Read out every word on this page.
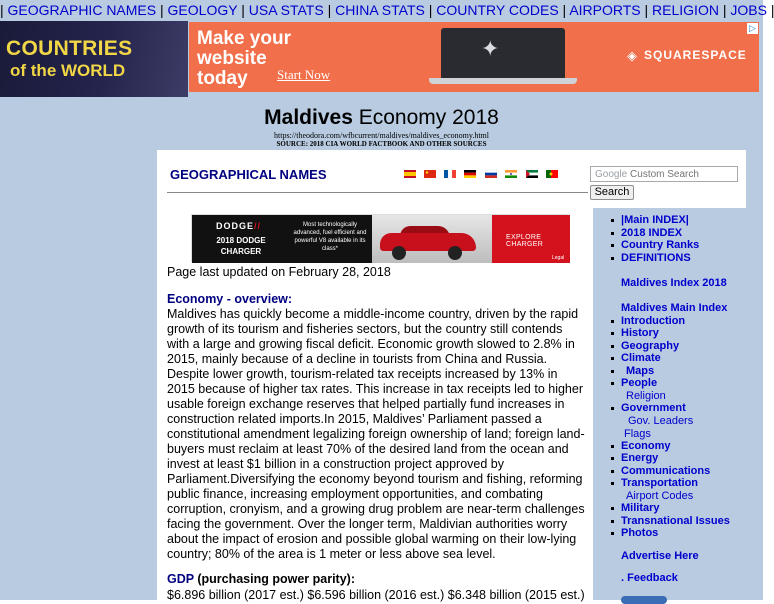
| GEOGRAPHIC NAMES | GEOLOGY | USA STATS | CHINA STATS | COUNTRY CODES | AIRPORTS | RELIGION | JOBS |
COUNTRIES
of the WORLD
Make your website today	Start Now
✦	◈ SQUARESPACE
▷
Maldives Economy 2018
https://theodora.com/wfbcurrent/maldives/maldives_economy.html
SOURCE: 2018 CIA WORLD FACTBOOK AND OTHER SOURCES
GEOGRAPHICAL NAMES
DODGE//
2018 DODGE CHARGER
Most technologically advanced, fuel efficient and powerful V8 available in its class*
EXPLORE CHARGER
Legal
Page last updated on February 28, 2018
Economy - overview:
Maldives has quickly become a middle-income country, driven by the rapid growth of its tourism and fisheries sectors, but the country still contends with a large and growing fiscal deficit. Economic growth slowed to 2.8% in 2015, mainly because of a decline in tourists from China and Russia. Despite lower growth, tourism-related tax receipts increased by 13% in 2015 because of higher tax rates. This increase in tax receipts led to higher usable foreign exchange reserves that helped partially fund increases in construction related imports.In 2015, Maldives’ Parliament passed a constitutional amendment legalizing foreign ownership of land; foreign land-buyers must reclaim at least 70% of the desired land from the ocean and invest at least $1 billion in a construction project approved by Parliament.Diversifying the economy beyond tourism and fishing, reforming public finance, increasing employment opportunities, and combating corruption, cronyism, and a growing drug problem are near-term challenges facing the government. Over the longer term, Maldivian authorities worry about the impact of erosion and possible global warming on their low-lying country; 80% of the area is 1 meter or less above sea level.
GDP (purchasing power parity):
$6.896 billion (2017 est.) $6.596 billion (2016 est.) $6.348 billion (2015 est.)
Google Custom Search
Search
|Main INDEX|
2018 INDEX
Country Ranks
DEFINITIONS
Maldives Index 2018
Maldives Main Index
Introduction
History
Geography
Climate
Maps
People
Religion
Government
Gov. Leaders
Flags
Economy
Energy
Communications
Transportation
Airport Codes
Military
Transnational Issues
Photos
Advertise Here
. Feedback
